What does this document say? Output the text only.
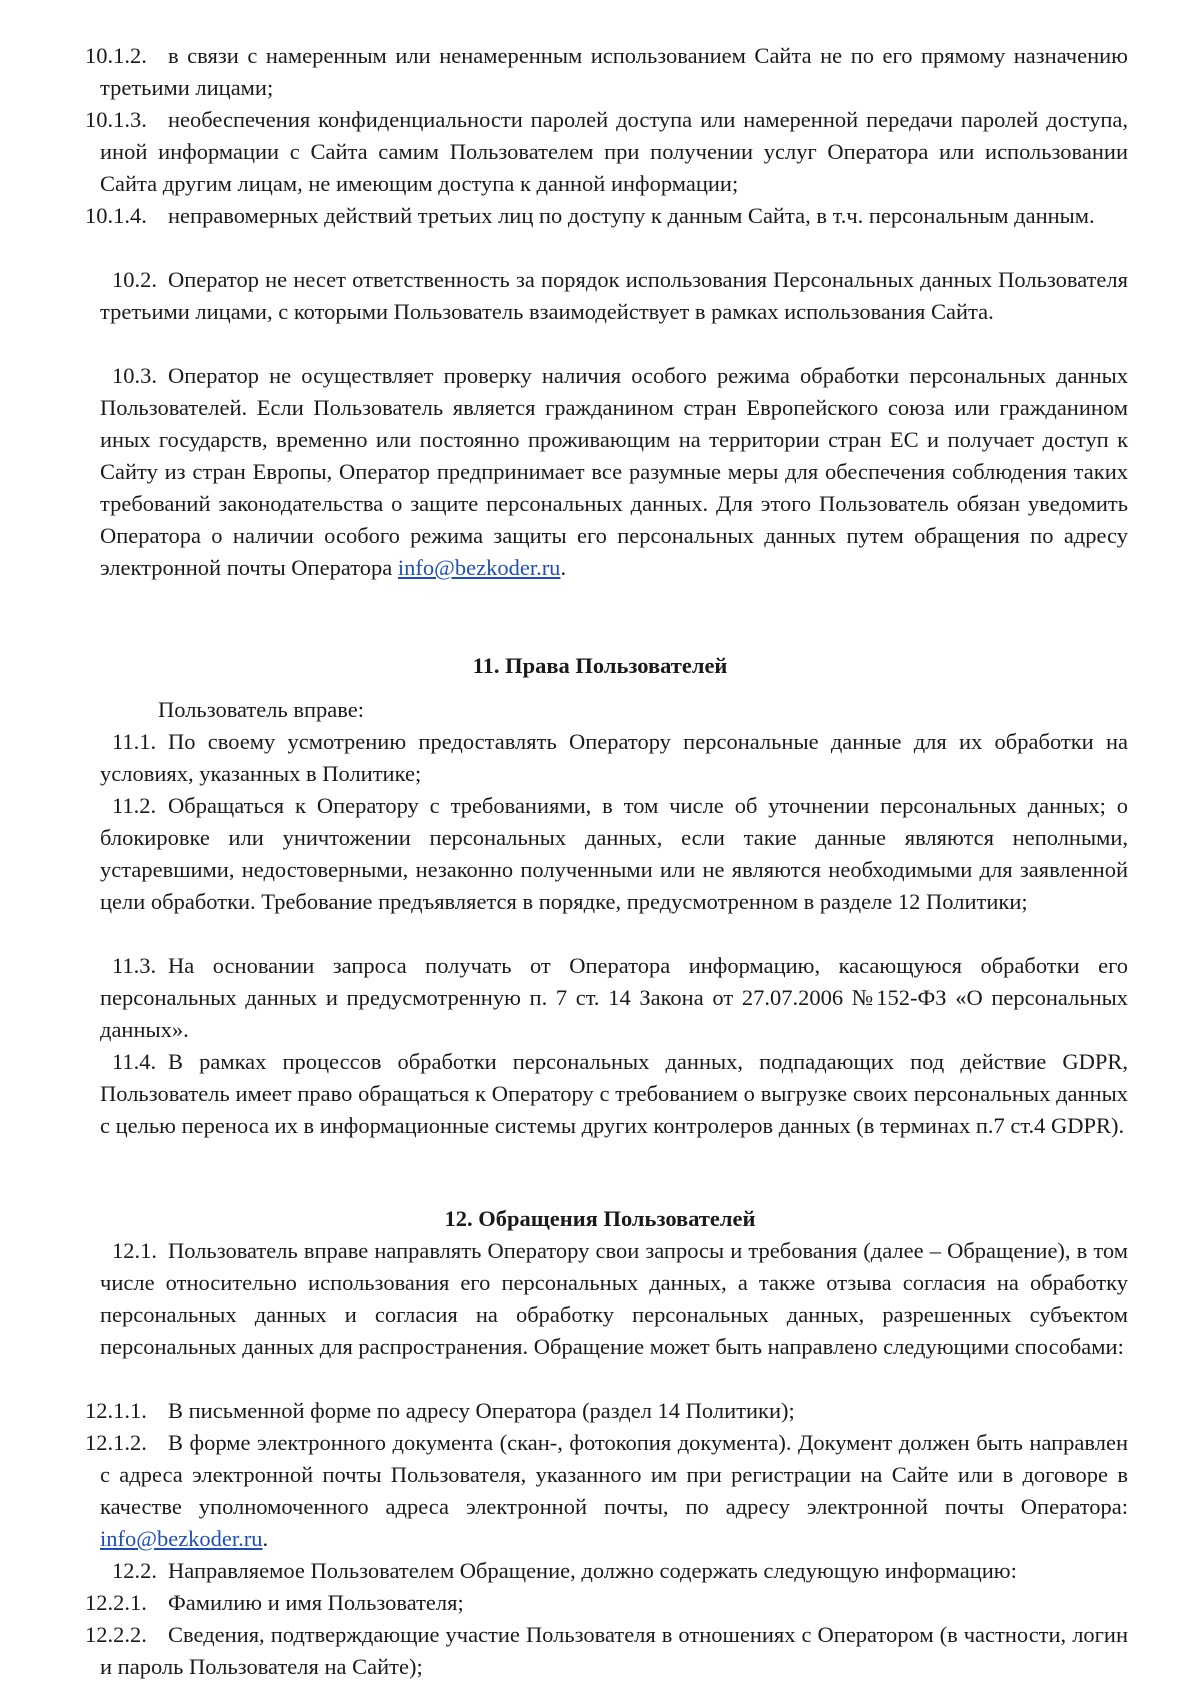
10.1.2. в связи с намеренным или ненамеренным использованием Сайта не по его прямому назначению третьими лицами;
10.1.3. необеспечения конфиденциальности паролей доступа или намеренной передачи паролей доступа, иной информации с Сайта самим Пользователем при получении услуг Оператора или использовании Сайта другим лицам, не имеющим доступа к данной информации;
10.1.4. неправомерных действий третьих лиц по доступу к данным Сайта, в т.ч. персональным данным.
10.2. Оператор не несет ответственность за порядок использования Персональных данных Пользователя третьими лицами, с которыми Пользователь взаимодействует в рамках использования Сайта.
10.3. Оператор не осуществляет проверку наличия особого режима обработки персональных данных Пользователей. Если Пользователь является гражданином стран Европейского союза или гражданином иных государств, временно или постоянно проживающим на территории стран ЕС и получает доступ к Сайту из стран Европы, Оператор предпринимает все разумные меры для обеспечения соблюдения таких требований законодательства о защите персональных данных. Для этого Пользователь обязан уведомить Оператора о наличии особого режима защиты его персональных данных путем обращения по адресу электронной почты Оператора info@bezkoder.ru.
11.1. По своему усмотрению предоставлять Оператору персональные данные для их обработки на условиях, указанных в Политике;
11.2. Обращаться к Оператору с требованиями, в том числе об уточнении персональных данных; о блокировке или уничтожении персональных данных, если такие данные являются неполными, устаревшими, недостоверными, незаконно полученными или не являются необходимыми для заявленной цели обработки. Требование предъявляется в порядке, предусмотренном в разделе 12 Политики;
11.3. На основании запроса получать от Оператора информацию, касающуюся обработки его персональных данных и предусмотренную п. 7 ст. 14 Закона от 27.07.2006 №152-ФЗ «О персональных данных».
11.4. В рамках процессов обработки персональных данных, подпадающих под действие GDPR, Пользователь имеет право обращаться к Оператору с требованием о выгрузке своих персональных данных с целью переноса их в информационные системы других контролеров данных (в терминах п.7 ст.4 GDPR).
12.1. Пользователь вправе направлять Оператору свои запросы и требования (далее – Обращение), в том числе относительно использования его персональных данных, а также отзыва согласия на обработку персональных данных и согласия на обработку персональных данных, разрешенных субъектом персональных данных для распространения. Обращение может быть направлено следующими способами:
12.1.1. В письменной форме по адресу Оператора (раздел 14 Политики);
12.1.2. В форме электронного документа (скан-, фотокопия документа). Документ должен быть направлен с адреса электронной почты Пользователя, указанного им при регистрации на Сайте или в договоре в качестве уполномоченного адреса электронной почты, по адресу электронной почты Оператора: info@bezkoder.ru.
12.2. Направляемое Пользователем Обращение, должно содержать следующую информацию:
12.2.1. Фамилию и имя Пользователя;
12.2.2. Сведения, подтверждающие участие Пользователя в отношениях с Оператором (в частности, логин и пароль Пользователя на Сайте);
11. Права Пользователей
12. Обращения Пользователей
Пользователь вправе:
